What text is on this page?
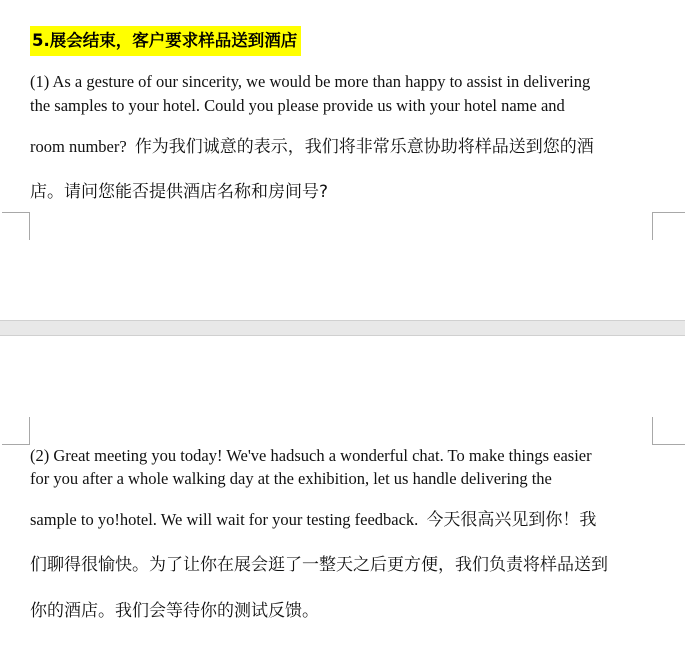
5.展会结束，客户要求样品送到酒店
(1) As a gesture of our sincerity, we would be more than happy to assist in delivering
the samples to your hotel. Could you please provide us with your hotel name and
room number? 作为我们诚意的表示，我们将非常乐意协助将样品送到您的酒
店。请问您能否提供酒店名称和房间号?
(2) Great meeting you today! We've hadsuch a wonderful chat. To make things easier
for you after a whole walking day at the exhibition, let us handle delivering the
sample to yo!hotel. We will wait for your testing feedback. 今天很高兴见到你！我
们聊得很愉快。为了让你在展会逛了一整天之后更方便，我们负责将样品送到
你的酒店。我们会等待你的测试反馈。
